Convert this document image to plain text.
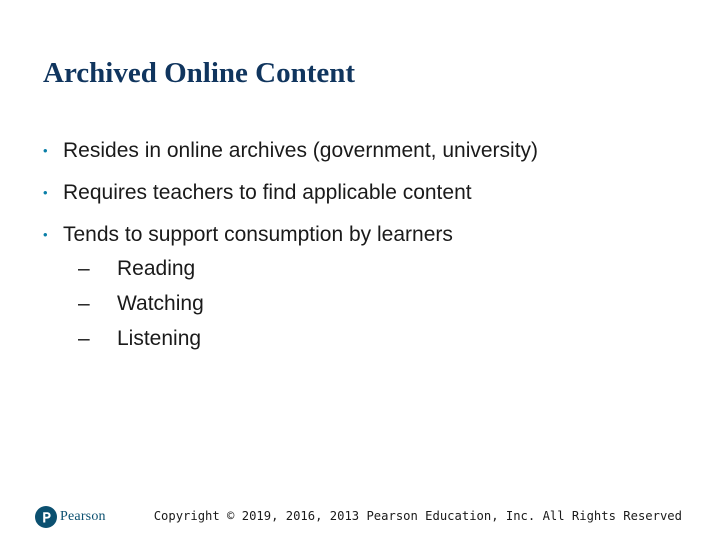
Archived Online Content
• Resides in online archives (government, university)
• Requires teachers to find applicable content
• Tends to support consumption by learners
– Reading
– Watching
– Listening
Pearson	Copyright © 2019, 2016, 2013 Pearson Education, Inc. All Rights Reserved
